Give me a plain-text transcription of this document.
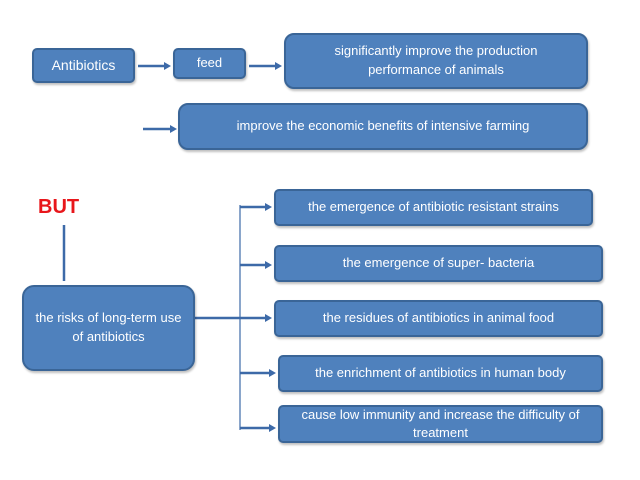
Antibiotics	feed
significantly improve the production performance of animals
improve the economic benefits of intensive farming
BUT
the risks of long-term use of antibiotics
the emergence of antibiotic resistant strains
the emergence of super- bacteria
the residues of antibiotics in animal food
the enrichment of antibiotics in human body
cause low immunity and increase the difficulty of treatment
